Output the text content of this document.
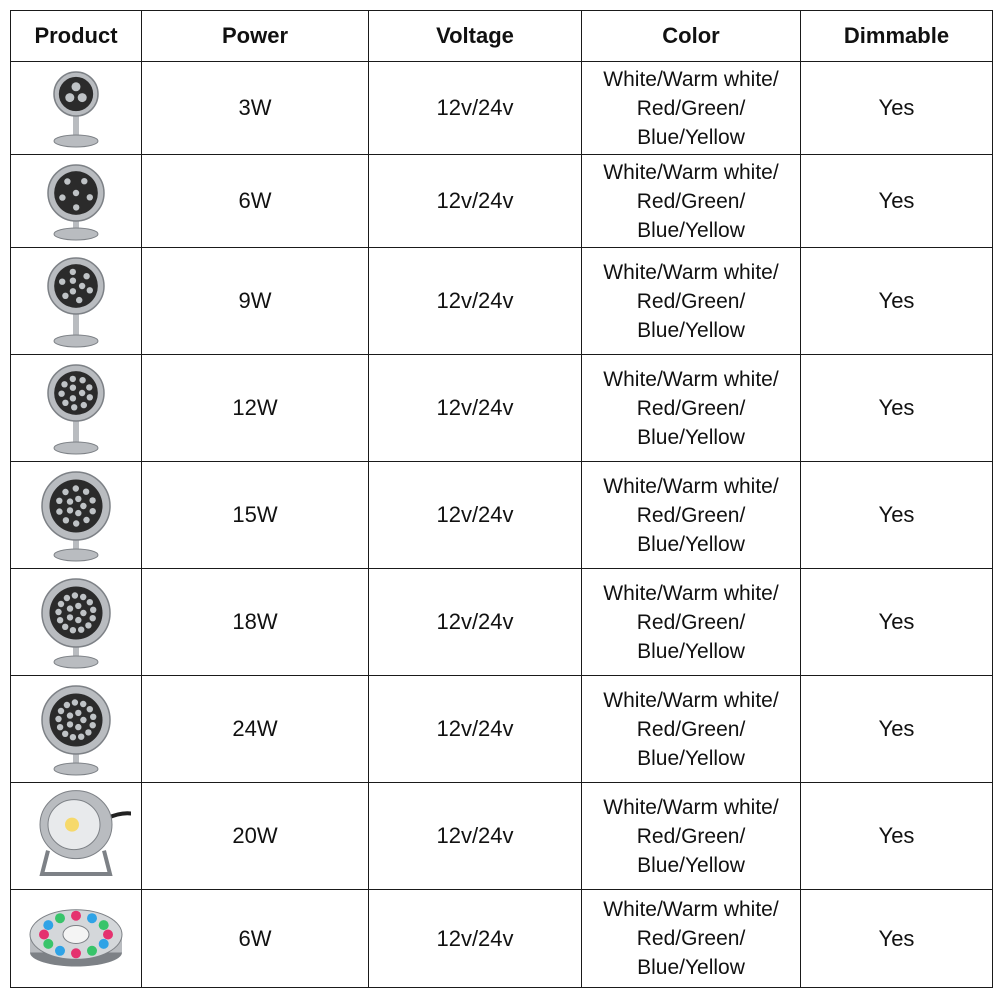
Product	Power	Voltage	Color	Dimmable

	3W	12v/24v	White/Warm white/
Red/Green/
Blue/Yellow	Yes

	6W	12v/24v	White/Warm white/
Red/Green/
Blue/Yellow	Yes

	9W	12v/24v	White/Warm white/
Red/Green/
Blue/Yellow	Yes

	12W	12v/24v	White/Warm white/
Red/Green/
Blue/Yellow	Yes

	15W	12v/24v	White/Warm white/
Red/Green/
Blue/Yellow	Yes

	18W	12v/24v	White/Warm white/
Red/Green/
Blue/Yellow	Yes

	24W	12v/24v	White/Warm white/
Red/Green/
Blue/Yellow	Yes

	20W	12v/24v	White/Warm white/
Red/Green/
Blue/Yellow	Yes

	6W	12v/24v	White/Warm white/
Red/Green/
Blue/Yellow	Yes
